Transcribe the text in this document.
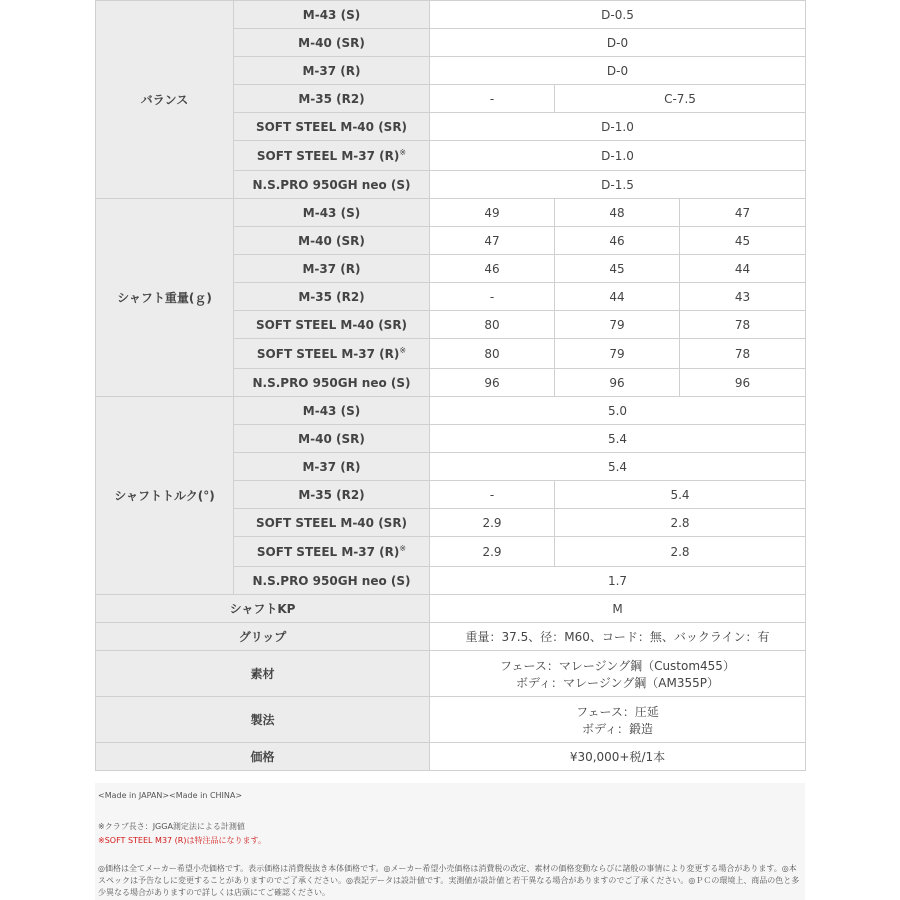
バランス	M-43 (S)	D-0.5		
	M-40 (SR)	D-0		
	M-37 (R)	D-0		
	M-35 (R2)	-	C-7.5	
	SOFT STEEL M-40 (SR)	D-1.0		
	SOFT STEEL M-37 (R)※	D-1.0		
	N.S.PRO 950GH neo (S)	D-1.5		
シャフト重量(ｇ)	M-43 (S)	49	48	47
	M-40 (SR)	47	46	45
	M-37 (R)	46	45	44
	M-35 (R2)	-	44	43
	SOFT STEEL M-40 (SR)	80	79	78
	SOFT STEEL M-37 (R)※	80	79	78
	N.S.PRO 950GH neo (S)	96	96	96
シャフトトルク(°)	M-43 (S)	5.0		
	M-40 (SR)	5.4		
	M-37 (R)	5.4		
	M-35 (R2)	-	5.4	
	SOFT STEEL M-40 (SR)	2.9	2.8	
	SOFT STEEL M-37 (R)※	2.9	2.8	
	N.S.PRO 950GH neo (S)	1.7		
シャフトKP		M		
グリップ		重量：37.5、径：M60、コード：無、バックライン：有		
素材		フェース：マレージング鋼（Custom455）
ボディ：マレージング鋼（AM355P）		

製法		フェース：圧延
ボディ：鍛造		

価格		¥30,000+税/1本		
<Made in JAPAN><Made in CHINA>
※クラブ長さ：JGGA測定法による計測値
※SOFT STEEL M37 (R)は特注品になります。
◎価格は全てメーカー希望小売価格です。表示価格は消費税抜き本体価格です。◎メーカー希望小売価格は消費税の改定、素材の価格変動ならびに諸般の事情により変更する場合があります。◎本スペックは予告なしに変更することがありますのでご了承ください。◎表記データは設計値です。実測値が設計値と若干異なる場合がありますのでご了承ください。◎ＰＣの環境上、商品の色と多少異なる場合がありますので詳しくは店頭にてご確認ください。
